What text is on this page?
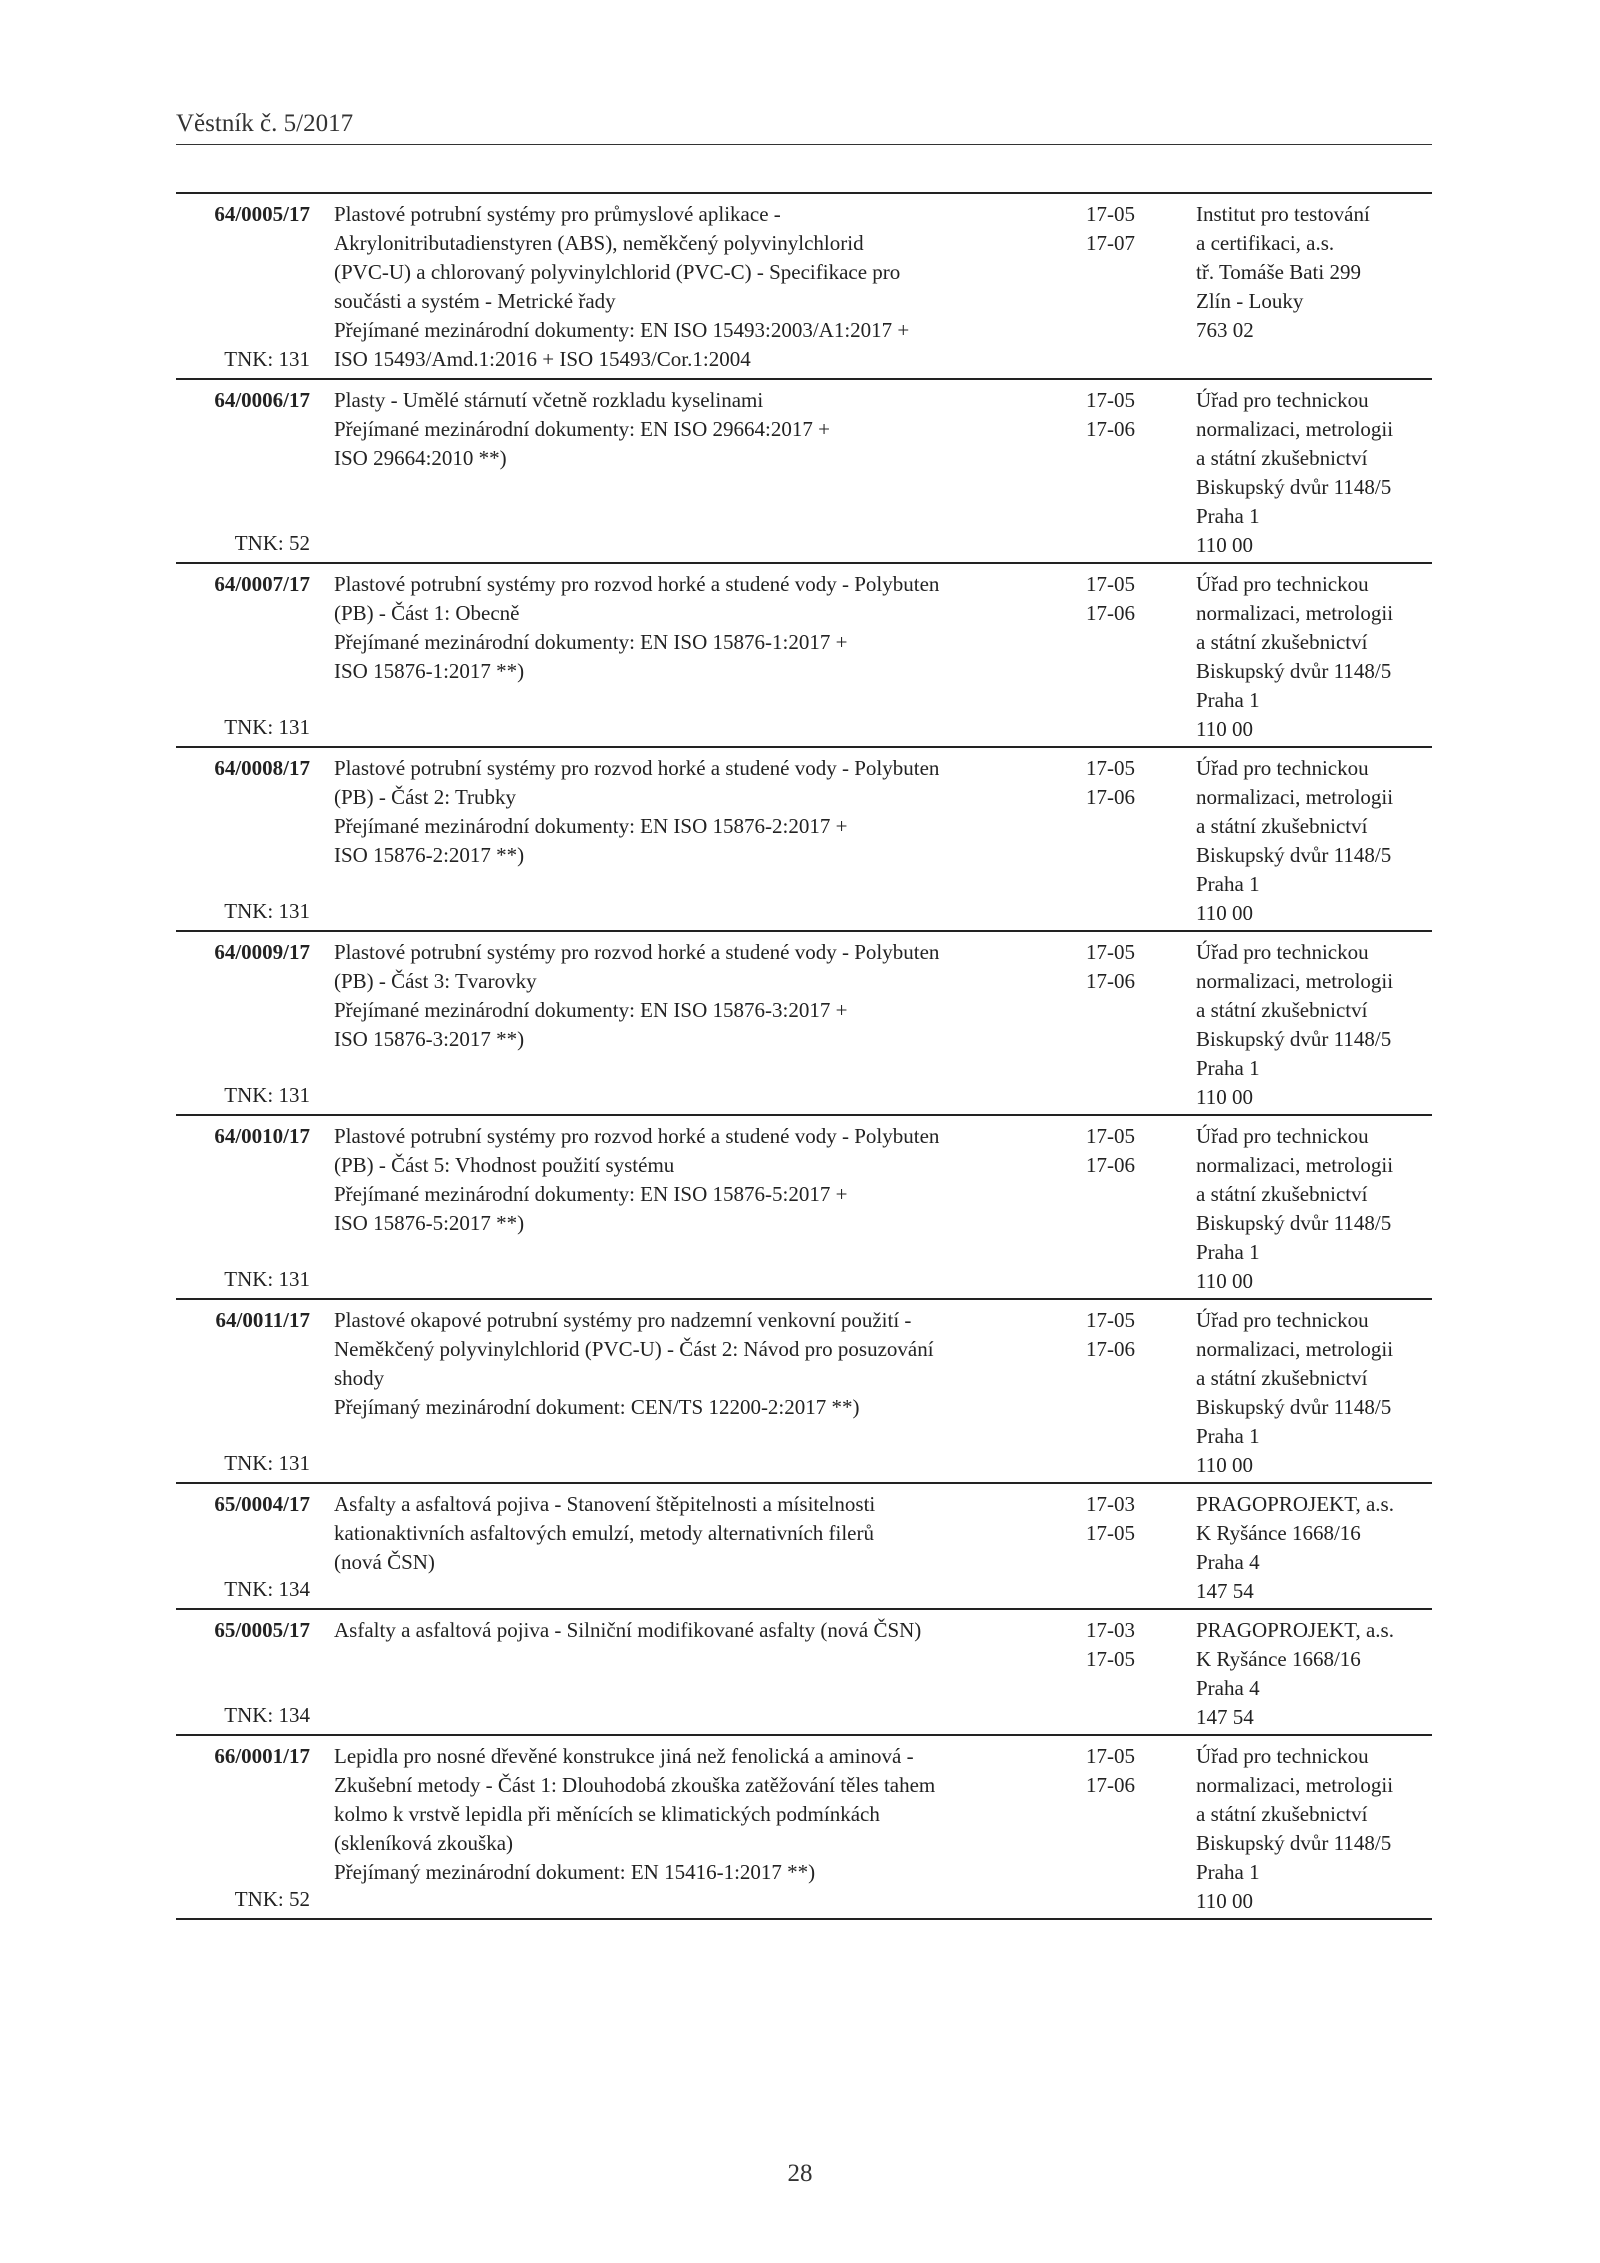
Věstník č. 5/2017
64/0005/17
TNK: 131
Plastové potrubní systémy pro průmyslové aplikace -
Akrylonitributadienstyren (ABS), neměkčený polyvinylchlorid
(PVC-U) a chlorovaný polyvinylchlorid (PVC-C) - Specifikace pro
součásti a systém - Metrické řady
Přejímané mezinárodní dokumenty: EN ISO 15493:2003/A1:2017 +
ISO 15493/Amd.1:2016 + ISO 15493/Cor.1:2004
17-05
17-07
Institut pro testování
a certifikaci, a.s.
tř. Tomáše Bati 299
Zlín - Louky
763 02
64/0006/17
TNK: 52
Plasty - Umělé stárnutí včetně rozkladu kyselinami
Přejímané mezinárodní dokumenty: EN ISO 29664:2017 +
ISO 29664:2010 **)
17-05
17-06
Úřad pro technickou
normalizaci, metrologii
a státní zkušebnictví
Biskupský dvůr 1148/5
Praha 1
110 00
64/0007/17
TNK: 131
Plastové potrubní systémy pro rozvod horké a studené vody - Polybuten
(PB) - Část 1: Obecně
Přejímané mezinárodní dokumenty: EN ISO 15876-1:2017 +
ISO 15876-1:2017 **)
17-05
17-06
Úřad pro technickou
normalizaci, metrologii
a státní zkušebnictví
Biskupský dvůr 1148/5
Praha 1
110 00
64/0008/17
TNK: 131
Plastové potrubní systémy pro rozvod horké a studené vody - Polybuten
(PB) - Část 2: Trubky
Přejímané mezinárodní dokumenty: EN ISO 15876-2:2017 +
ISO 15876-2:2017 **)
17-05
17-06
Úřad pro technickou
normalizaci, metrologii
a státní zkušebnictví
Biskupský dvůr 1148/5
Praha 1
110 00
64/0009/17
TNK: 131
Plastové potrubní systémy pro rozvod horké a studené vody - Polybuten
(PB) - Část 3: Tvarovky
Přejímané mezinárodní dokumenty: EN ISO 15876-3:2017 +
ISO 15876-3:2017 **)
17-05
17-06
Úřad pro technickou
normalizaci, metrologii
a státní zkušebnictví
Biskupský dvůr 1148/5
Praha 1
110 00
64/0010/17
TNK: 131
Plastové potrubní systémy pro rozvod horké a studené vody - Polybuten
(PB) - Část 5: Vhodnost použití systému
Přejímané mezinárodní dokumenty: EN ISO 15876-5:2017 +
ISO 15876-5:2017 **)
17-05
17-06
Úřad pro technickou
normalizaci, metrologii
a státní zkušebnictví
Biskupský dvůr 1148/5
Praha 1
110 00
64/0011/17
TNK: 131
Plastové okapové potrubní systémy pro nadzemní venkovní použití -
Neměkčený polyvinylchlorid (PVC-U) - Část 2: Návod pro posuzování
shody
Přejímaný mezinárodní dokument: CEN/TS 12200-2:2017 **)
17-05
17-06
Úřad pro technickou
normalizaci, metrologii
a státní zkušebnictví
Biskupský dvůr 1148/5
Praha 1
110 00
65/0004/17
TNK: 134
Asfalty a asfaltová pojiva - Stanovení štěpitelnosti a mísitelnosti
kationaktivních asfaltových emulzí, metody alternativních filerů
(nová ČSN)
17-03
17-05
PRAGOPROJEKT, a.s.
K Ryšánce 1668/16
Praha 4
147 54
65/0005/17
TNK: 134
Asfalty a asfaltová pojiva - Silniční modifikované asfalty (nová ČSN)	17-03
17-05
PRAGOPROJEKT, a.s.
K Ryšánce 1668/16
Praha 4
147 54
66/0001/17
TNK: 52
Lepidla pro nosné dřevěné konstrukce jiná než fenolická a aminová -
Zkušební metody - Část 1: Dlouhodobá zkouška zatěžování těles tahem
kolmo k vrstvě lepidla při měnících se klimatických podmínkách
(skleníková zkouška)
Přejímaný mezinárodní dokument: EN 15416-1:2017 **)
17-05
17-06
Úřad pro technickou
normalizaci, metrologii
a státní zkušebnictví
Biskupský dvůr 1148/5
Praha 1
110 00
28
